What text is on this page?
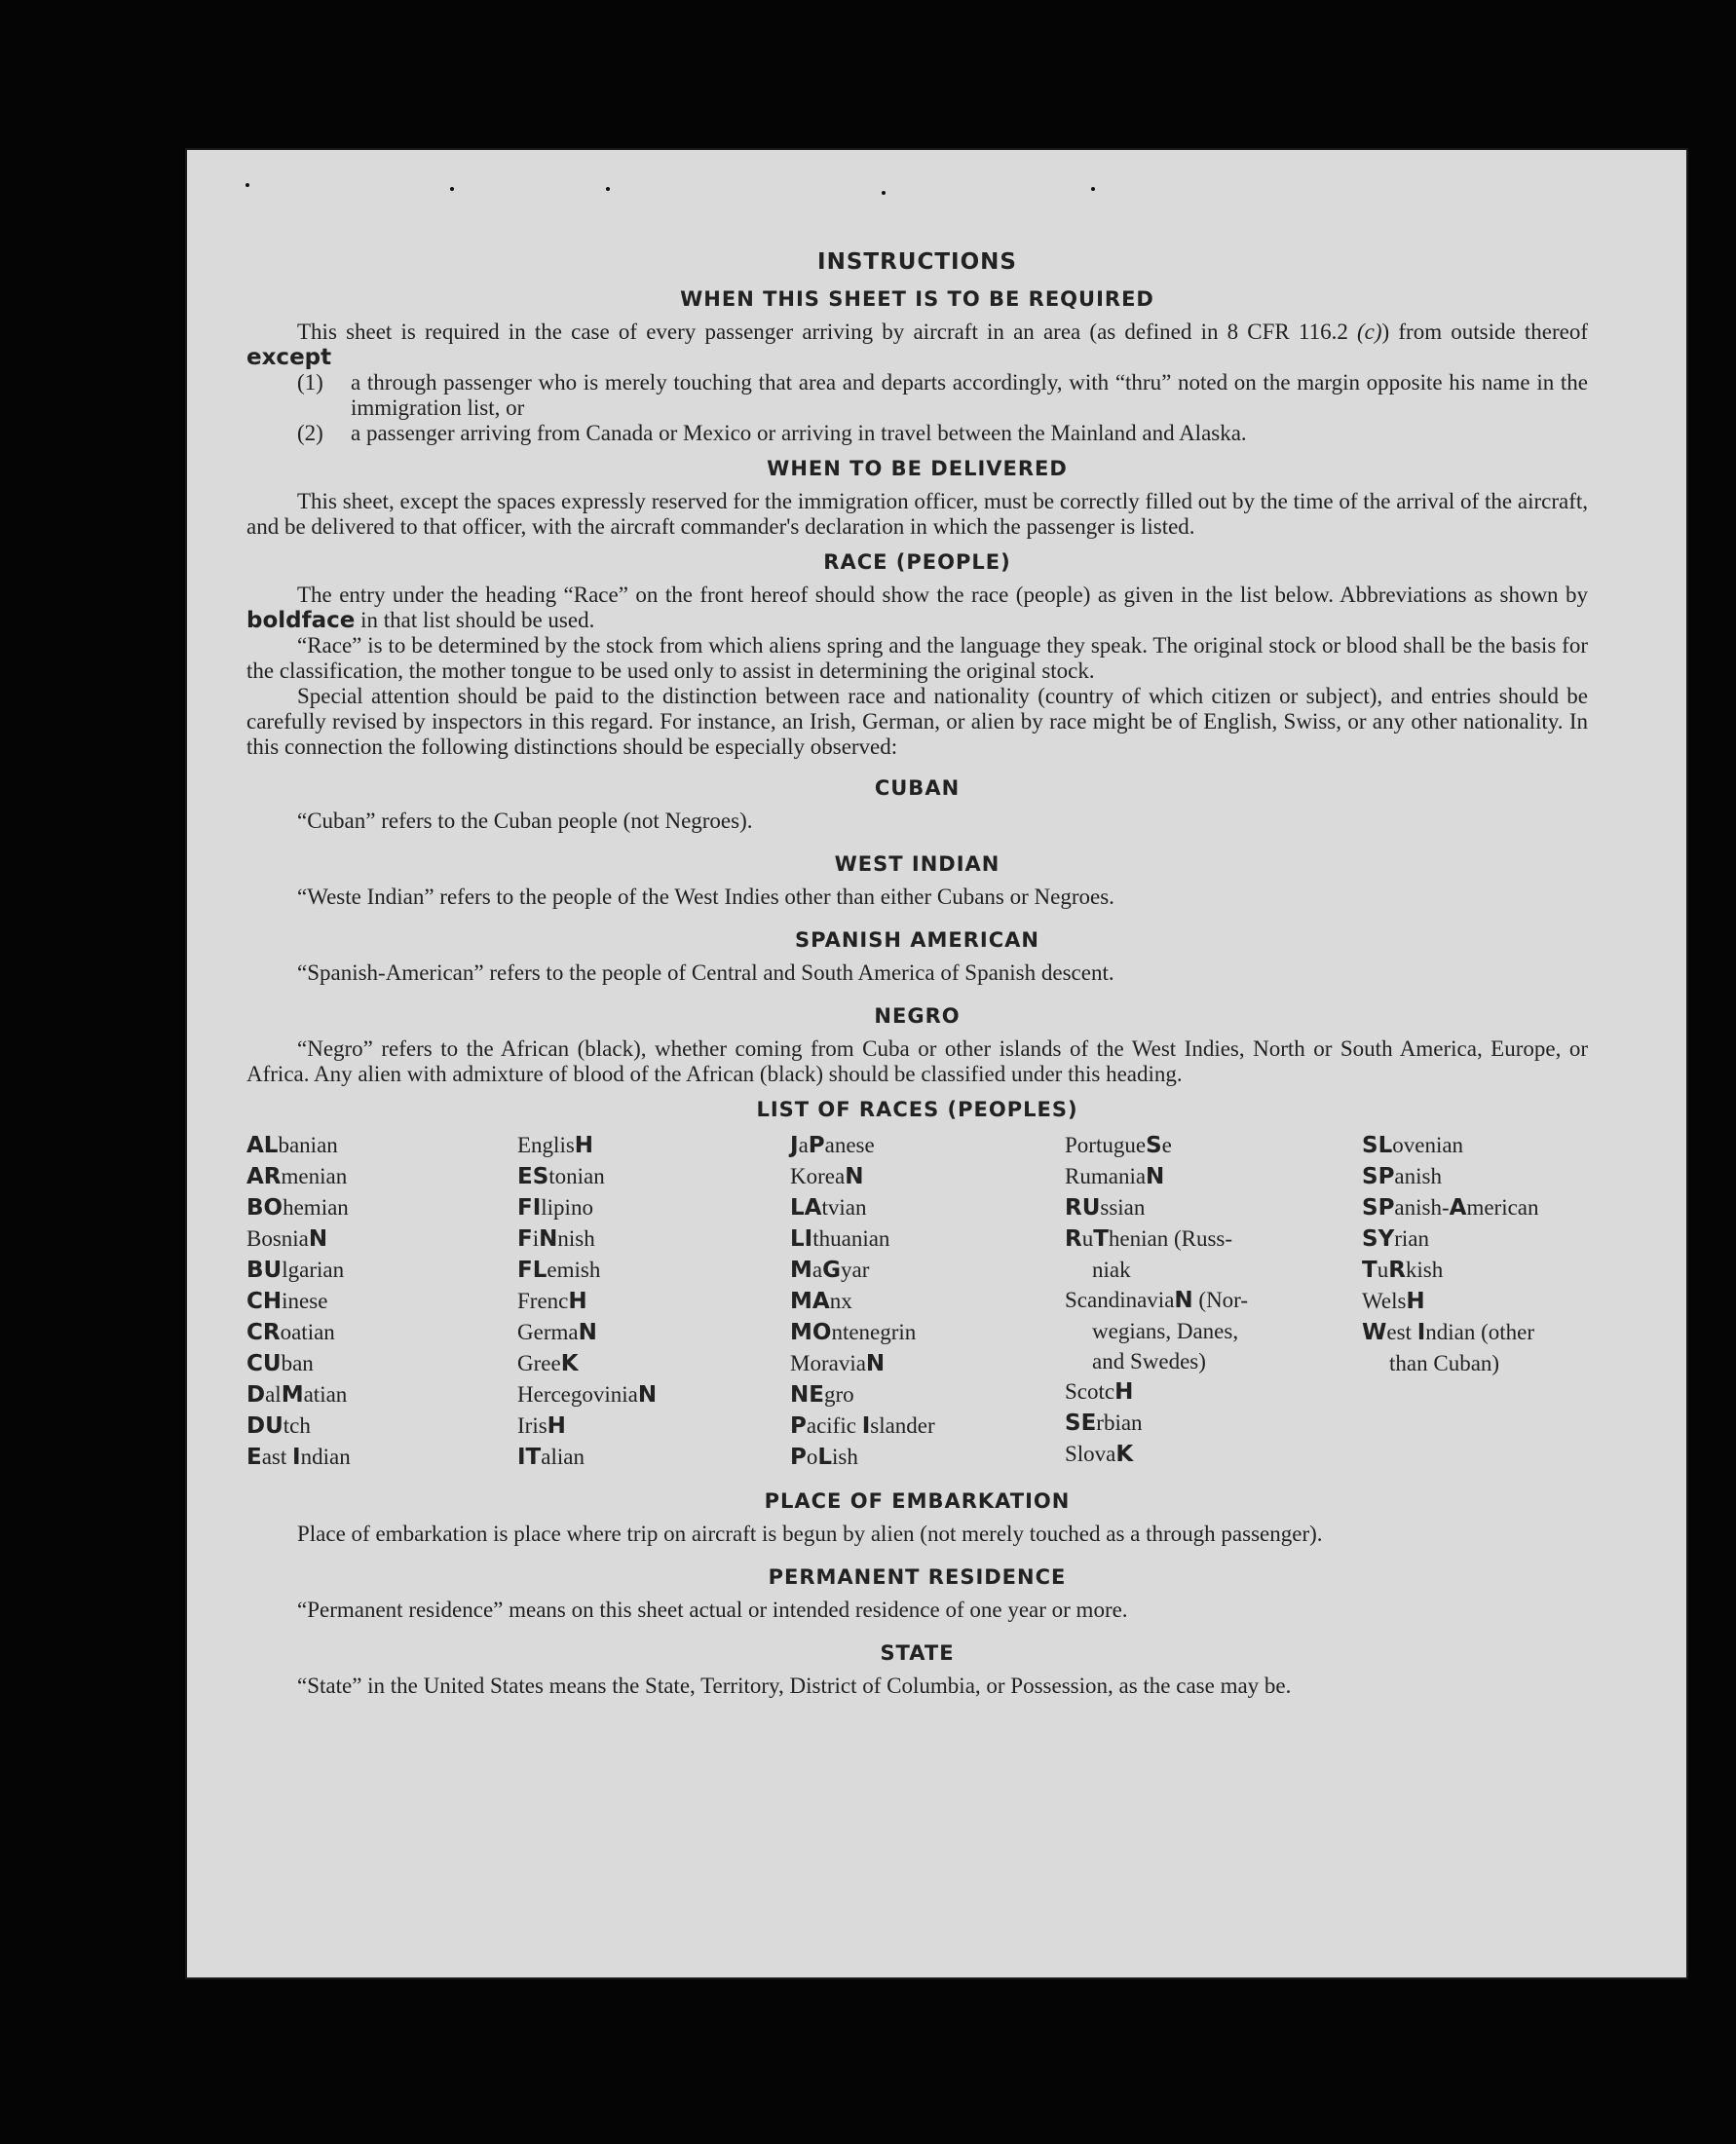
INSTRUCTIONS
WHEN THIS SHEET IS TO BE REQUIRED

This sheet is required in the case of every passenger arriving by aircraft in an area (as defined in 8 CFR 116.2 (c)) from outside thereof except

(1)	a through passenger who is merely touching that area and departs accordingly, with “thru” noted on the margin opposite his name in the immigration list, or
(2)	a passenger arriving from Canada or Mexico or arriving in travel between the Mainland and Alaska.
WHEN TO BE DELIVERED

This sheet, except the spaces expressly reserved for the immigration officer, must be correctly filled out by the time of the arrival of the aircraft, and be delivered to that officer, with the aircraft commander's declaration in which the passenger is listed.

RACE (PEOPLE)

The entry under the heading “Race” on the front hereof should show the race (people) as given in the list below. Abbreviations as shown by boldface in that list should be used.

“Race” is to be determined by the stock from which aliens spring and the language they speak. The original stock or blood shall be the basis for the classification, the mother tongue to be used only to assist in determining the original stock.

Special attention should be paid to the distinction between race and nationality (country of which citizen or subject), and entries should be carefully revised by inspectors in this regard. For instance, an Irish, German, or alien by race might be of English, Swiss, or any other nationality. In this connection the following distinctions should be especially observed:

CUBAN

“Cuban” refers to the Cuban people (not Negroes).

WEST INDIAN

“Weste Indian” refers to the people of the West Indies other than either Cubans or Negroes.

SPANISH AMERICAN

“Spanish-American” refers to the people of Central and South America of Spanish descent.

NEGRO

“Negro” refers to the African (black), whether coming from Cuba or other islands of the West Indies, North or South America, Europe, or Africa. Any alien with admixture of blood of the African (black) should be classified under this heading.

LIST OF RACES (PEOPLES)
ALbanian
ARmenian
BOhemian
BosniaN
BUlgarian
CHinese
CRoatian
CUban
DalMatian
DUtch
East Indian
EnglisH
EStonian
FIlipino
FiNnish
FLemish
FrencH
GermaN
GreeK
HercegoviniaN
IrisH
ITalian
JaPanese
KoreaN
LAtvian
LIthuanian
MaGyar
MAnx
MOntenegrin
MoraviaN
NEgro
Pacific Islander
PoLish
PortugueSe
RumaniaN
RUssian
RuThenian (Russ-
niak
ScandinaviaN (Nor-
wegians, Danes,
and Swedes)
ScotcH
SErbian
SlovaK
SLovenian
SPanish
SPanish-American
SYrian
TuRkish
WelsH
West Indian (other
than Cuban)
PLACE OF EMBARKATION

Place of embarkation is place where trip on aircraft is begun by alien (not merely touched as a through passenger).

PERMANENT RESIDENCE

“Permanent residence” means on this sheet actual or intended residence of one year or more.

STATE

“State” in the United States means the State, Territory, District of Columbia, or Possession, as the case may be.
